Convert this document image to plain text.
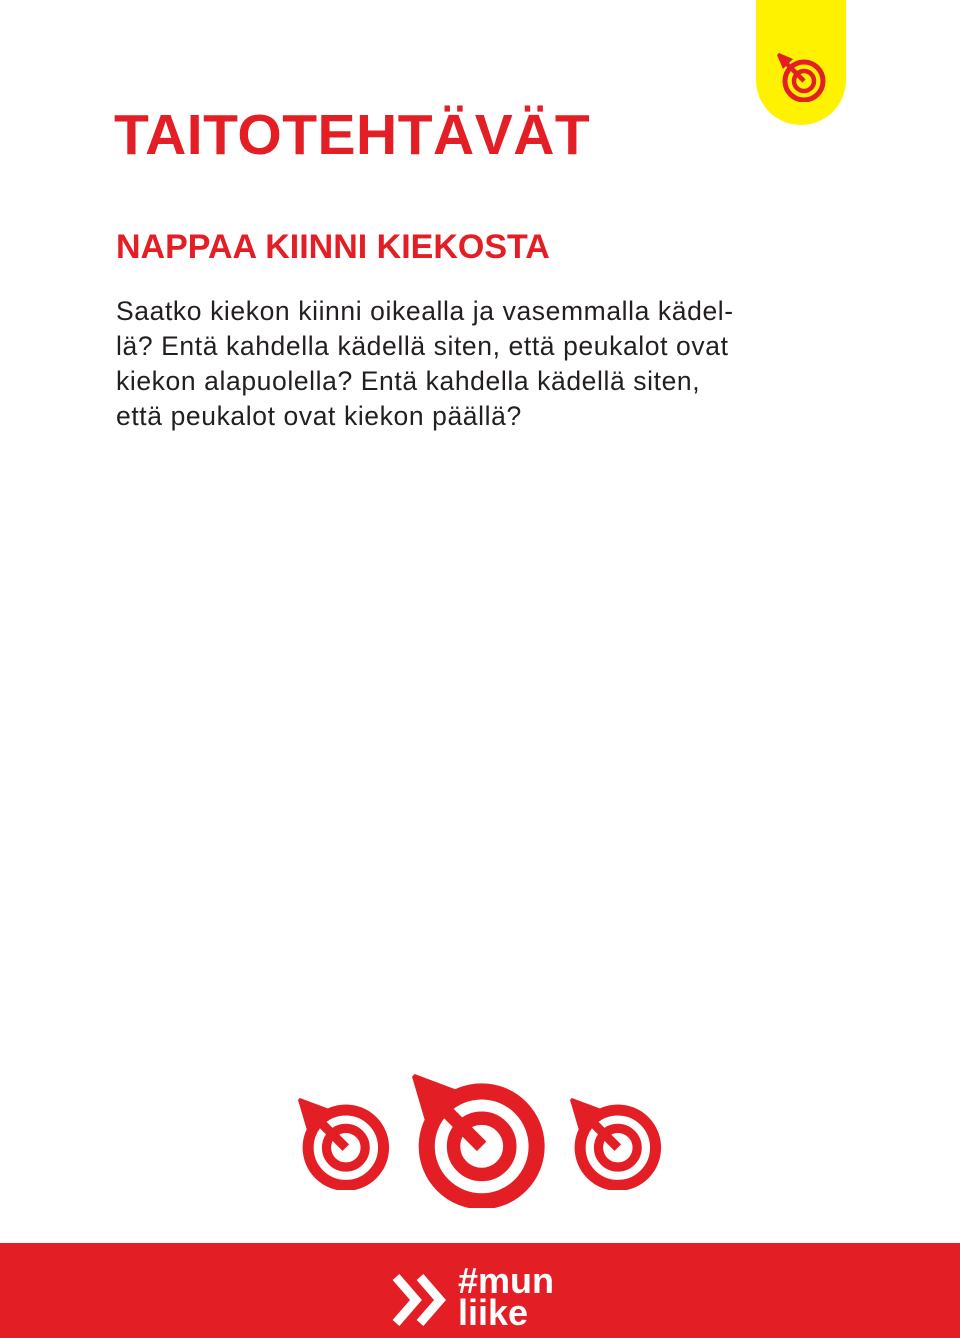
TAITOTEHTÄVÄT
NAPPAA KIINNI KIEKOSTA

Saatko kiekon kiinni oikealla ja vasemmalla kädel-
lä? Entä kahdella kädellä siten, että peukalot ovat
kiekon alapuolella? Entä kahdella kädellä siten,
että peukalot ovat kiekon päällä?

#mun
liike
